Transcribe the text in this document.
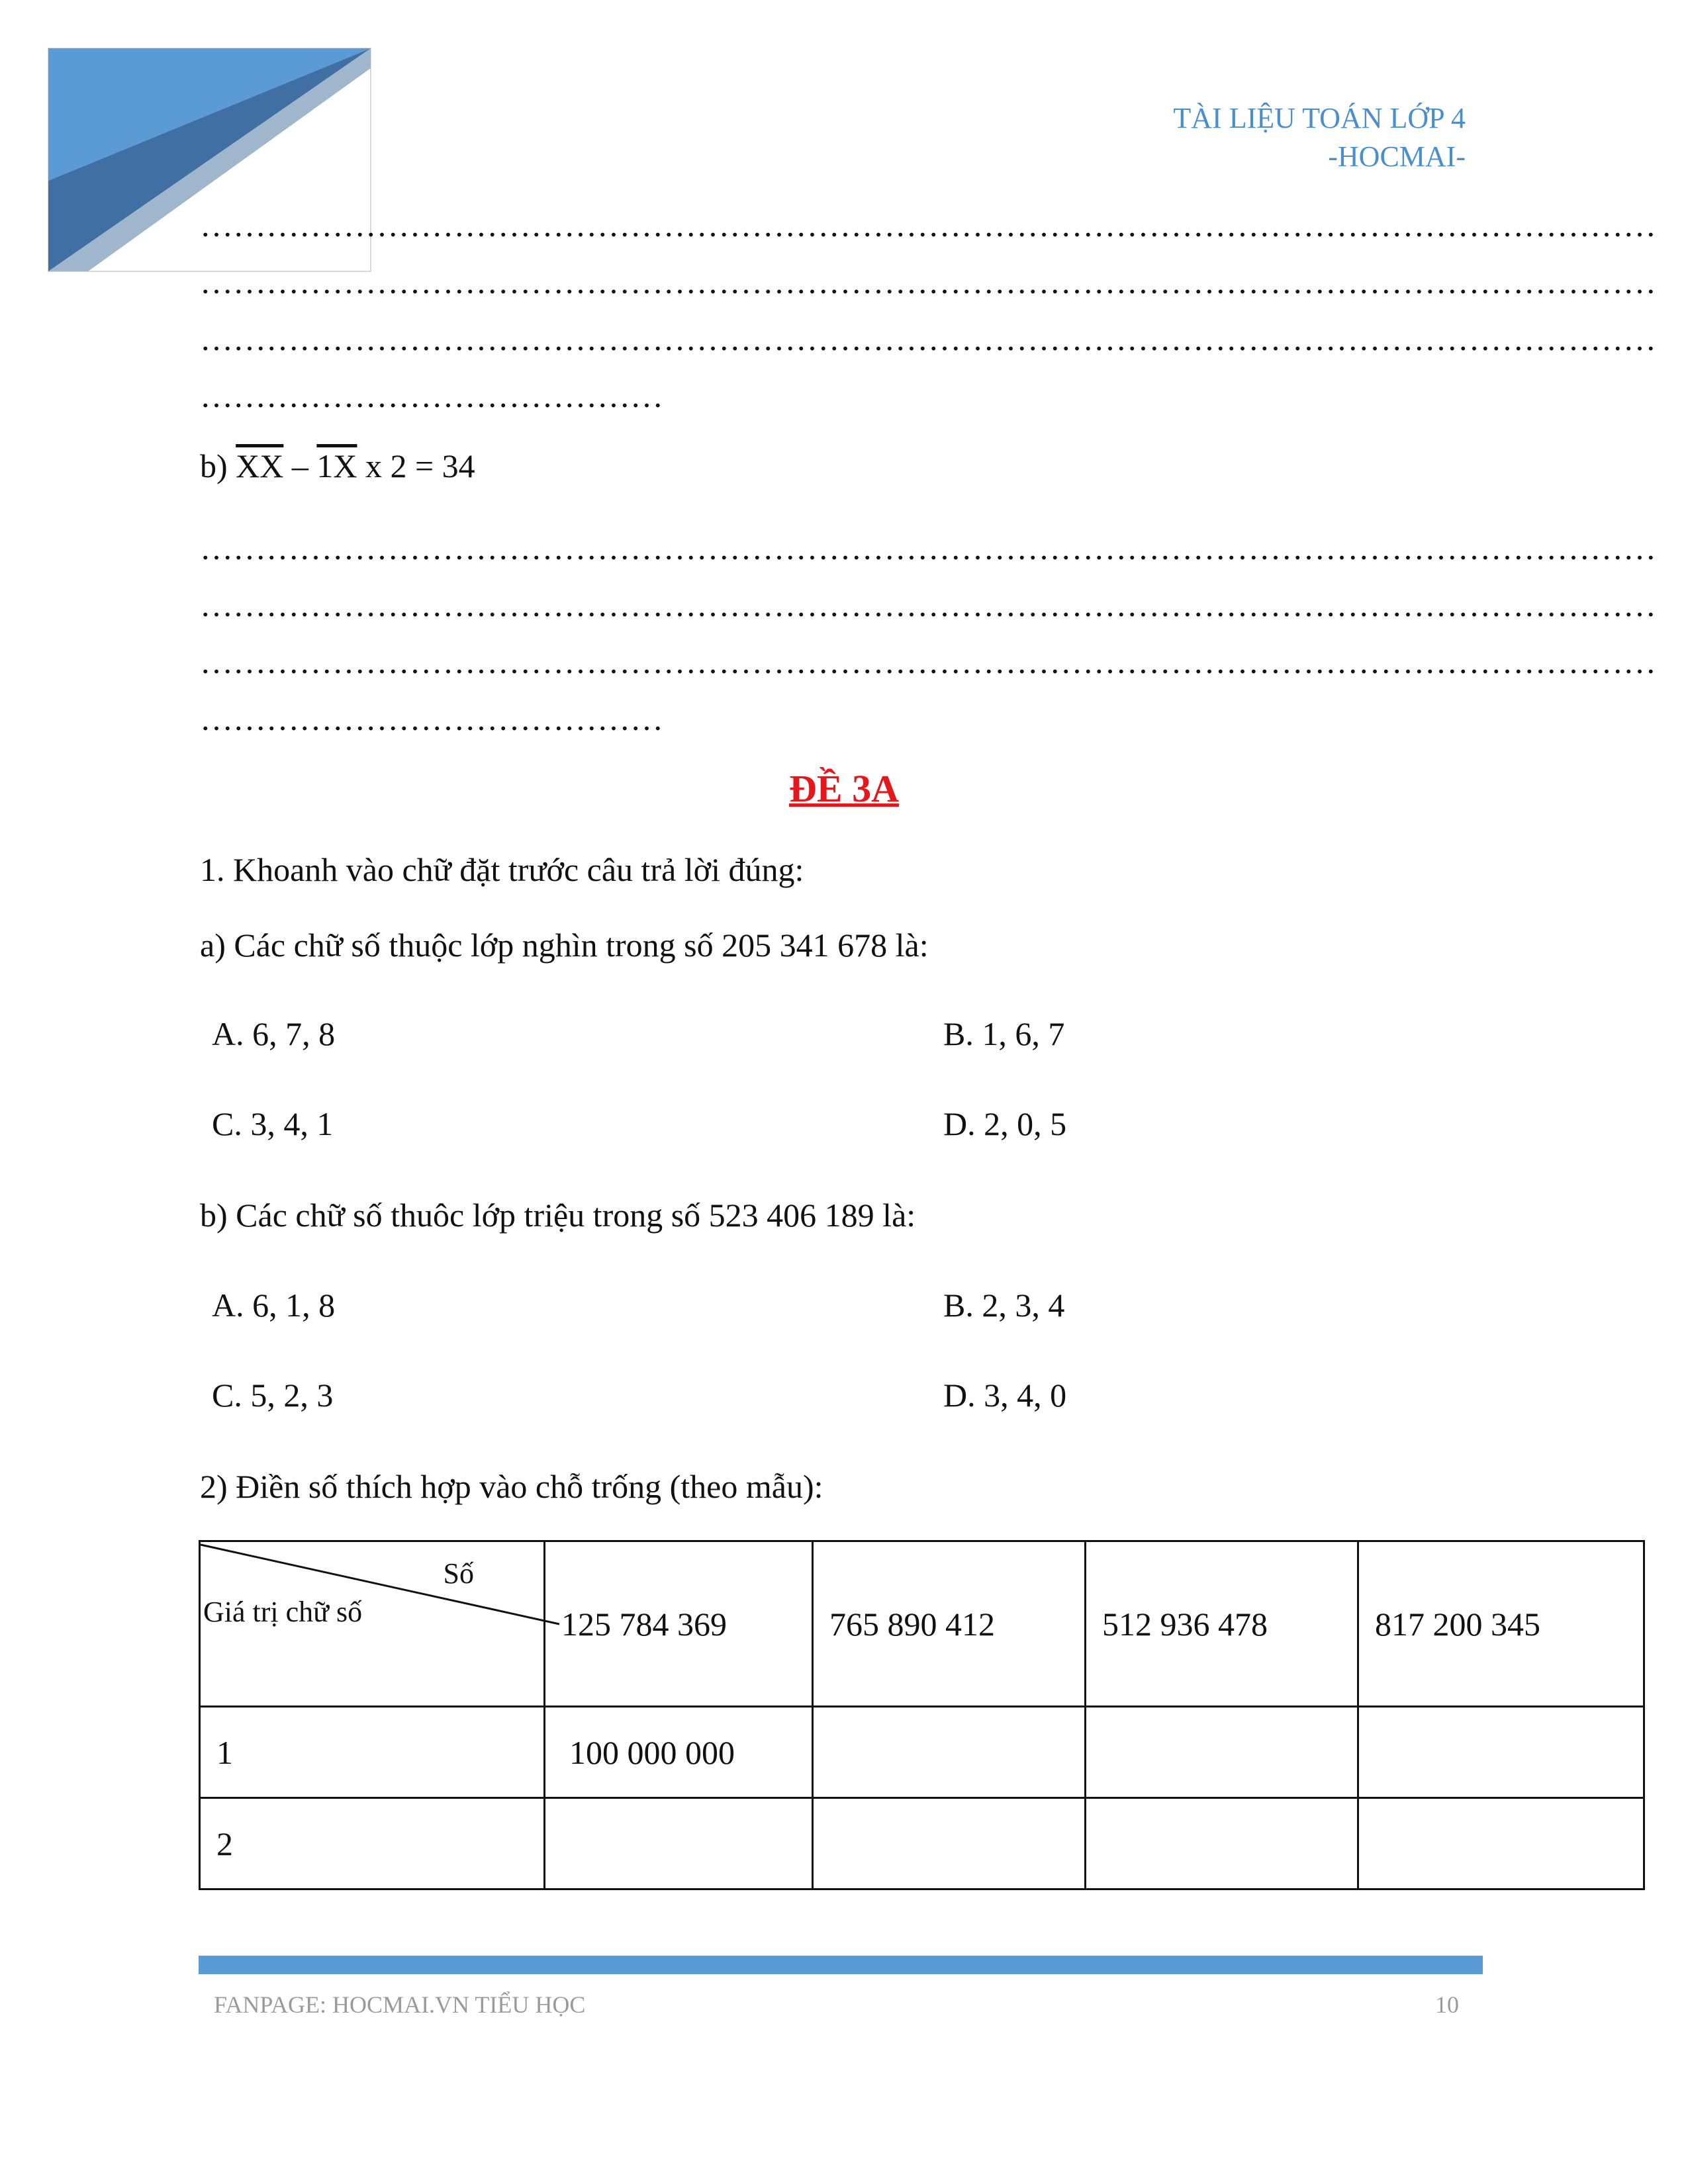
TÀI LIỆU TOÁN LỚP 4
-HOCMAI-
……………………………………………………………………………………………………………………
……………………………………………………………………………………………………………………
……………………………………………………………………………………………………………………
……………………………………
b) $\overline{XX} - 1X$ x 2 = 34
……………………………………………………………………………………………………………………
……………………………………………………………………………………………………………………
……………………………………………………………………………………………………………………
……………………………………
ĐỀ 3A
1. Khoanh vào chữ đặt trước câu trả lời đúng:
a) Các chữ số thuộc lớp nghìn trong số 205 341 678 là:
A. 6, 7, 8	B. 1, 6, 7
C. 3, 4, 1	D. 2, 0, 5
b) Các chữ số thuôc lớp triệu trong số 523 406 189 là:
A. 6, 1, 8	B. 2, 3, 4
C. 5, 2, 3	D. 3, 4, 0
2) Điền số thích hợp vào chỗ trống (theo mẫu):
Số
Giá trị chữ số	125 784 369	765 890 412	512 936 478	817 200 345
1	100 000 000			
2				
FANPAGE: HOCMAI.VN TIỂU HỌC	10
